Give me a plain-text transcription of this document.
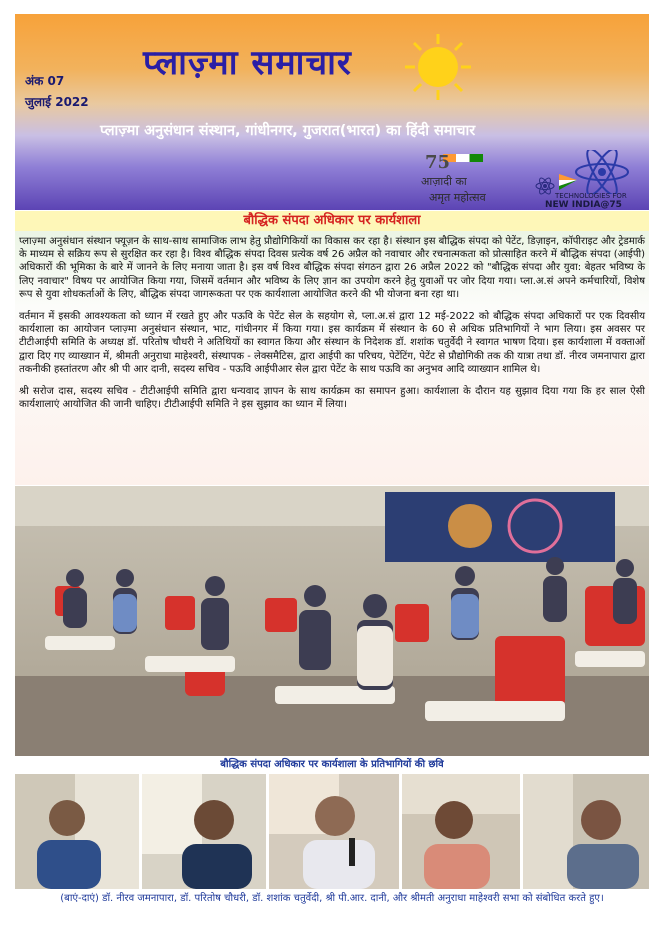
प्लाज़्मा समाचार
अंक 07
जुलाई 2022
प्लाज़्मा अनुसंधान संस्थान, गांधीनगर, गुजरात(भारत) का हिंदी समाचार
75
आज़ादी का
अमृत महोत्सव	TECHNOLOGIES FOR
NEW INDIA@75
बौद्धिक संपदा अधिकार पर कार्यशाला

प्लाज़्मा अनुसंधान संस्थान फ्यूज़न के साथ-साथ सामाजिक लाभ हेतु प्रौद्योगिकियों का विकास कर रहा है। संस्थान इस बौद्धिक संपदा को पेटेंट, डिज़ाइन, कॉपीराइट और ट्रेडमार्क के माध्यम से सक्रिय रूप से सुरक्षित कर रहा है। विश्व बौद्धिक संपदा दिवस प्रत्येक वर्ष 26 अप्रैल को नवाचार और रचनात्मकता को प्रोत्साहित करने में बौद्धिक संपदा (आईपी) अधिकारों की भूमिका के बारे में जानने के लिए मनाया जाता है। इस वर्ष विश्व बौद्धिक संपदा संगठन द्वारा 26 अप्रैल 2022 को "बौद्धिक संपदा और युवा: बेहतर भविष्य के लिए नवाचार" विषय पर आयोजित किया गया, जिसमें वर्तमान और भविष्य के लिए ज्ञान का उपयोग करने हेतु युवाओं पर जोर दिया गया। प्ला.अ.सं अपने कर्मचारियों, विशेष रूप से युवा शोधकर्ताओं के लिए, बौद्धिक संपदा जागरूकता पर एक कार्यशाला आयोजित करने की भी योजना बना रहा था।

वर्तमान में इसकी आवश्यकता को ध्यान में रखते हुए और पऊवि के पेटेंट सेल के सहयोग से, प्ला.अ.सं द्वारा 12 मई-2022 को बौद्धिक संपदा अधिकारों पर एक दिवसीय कार्यशाला का आयोजन प्लाज़्मा अनुसंधान संस्थान, भाट, गांधीनगर में किया गया। इस कार्यक्रम में संस्थान के 60 से अधिक प्रतिभागियों ने भाग लिया। इस अवसर पर टीटीआईपी समिति के अध्यक्ष डॉ. परितोष चौधरी ने अतिथियों का स्वागत किया और संस्थान के निदेशक डॉ. शशांक चतुर्वेदी ने स्वागत भाषण दिया। इस कार्यशाला में वक्ताओं द्वारा दिए गए व्याख्यान में, श्रीमती अनुराधा माहेश्वरी, संस्थापक - लेक्समैटिस, द्वारा आईपी का परिचय, पेटेंटिंग, पेटेंट से प्रौद्योगिकी तक की यात्रा तथा डॉ. नीरव जमनापारा द्वारा तकनीकी हस्तांतरण और श्री पी आर दानी, सदस्य सचिव - पऊवि आईपीआर सेल द्वारा पेटेंट के साथ पऊवि का अनुभव आदि व्याख्यान शामिल थे।

श्री सरोज दास, सदस्य सचिव - टीटीआईपी समिति द्वारा धन्यवाद ज्ञापन के साथ कार्यक्रम का समापन हुआ। कार्यशाला के दौरान यह सुझाव दिया गया कि हर साल ऐसी कार्यशालाएं आयोजित की जानी चाहिए। टीटीआईपी समिति ने इस सुझाव का ध्यान में लिया।

बौद्धिक संपदा अधिकार पर कार्यशाला के प्रतिभागियों की छवि
(बाएं-दाएं) डॉ. नीरव जमनापारा, डॉ. परितोष चौधरी, डॉ. शशांक चतुर्वेदी, श्री पी.आर. दानी, और श्रीमती अनुराधा माहेश्वरी सभा को संबोधित करते हुए।
